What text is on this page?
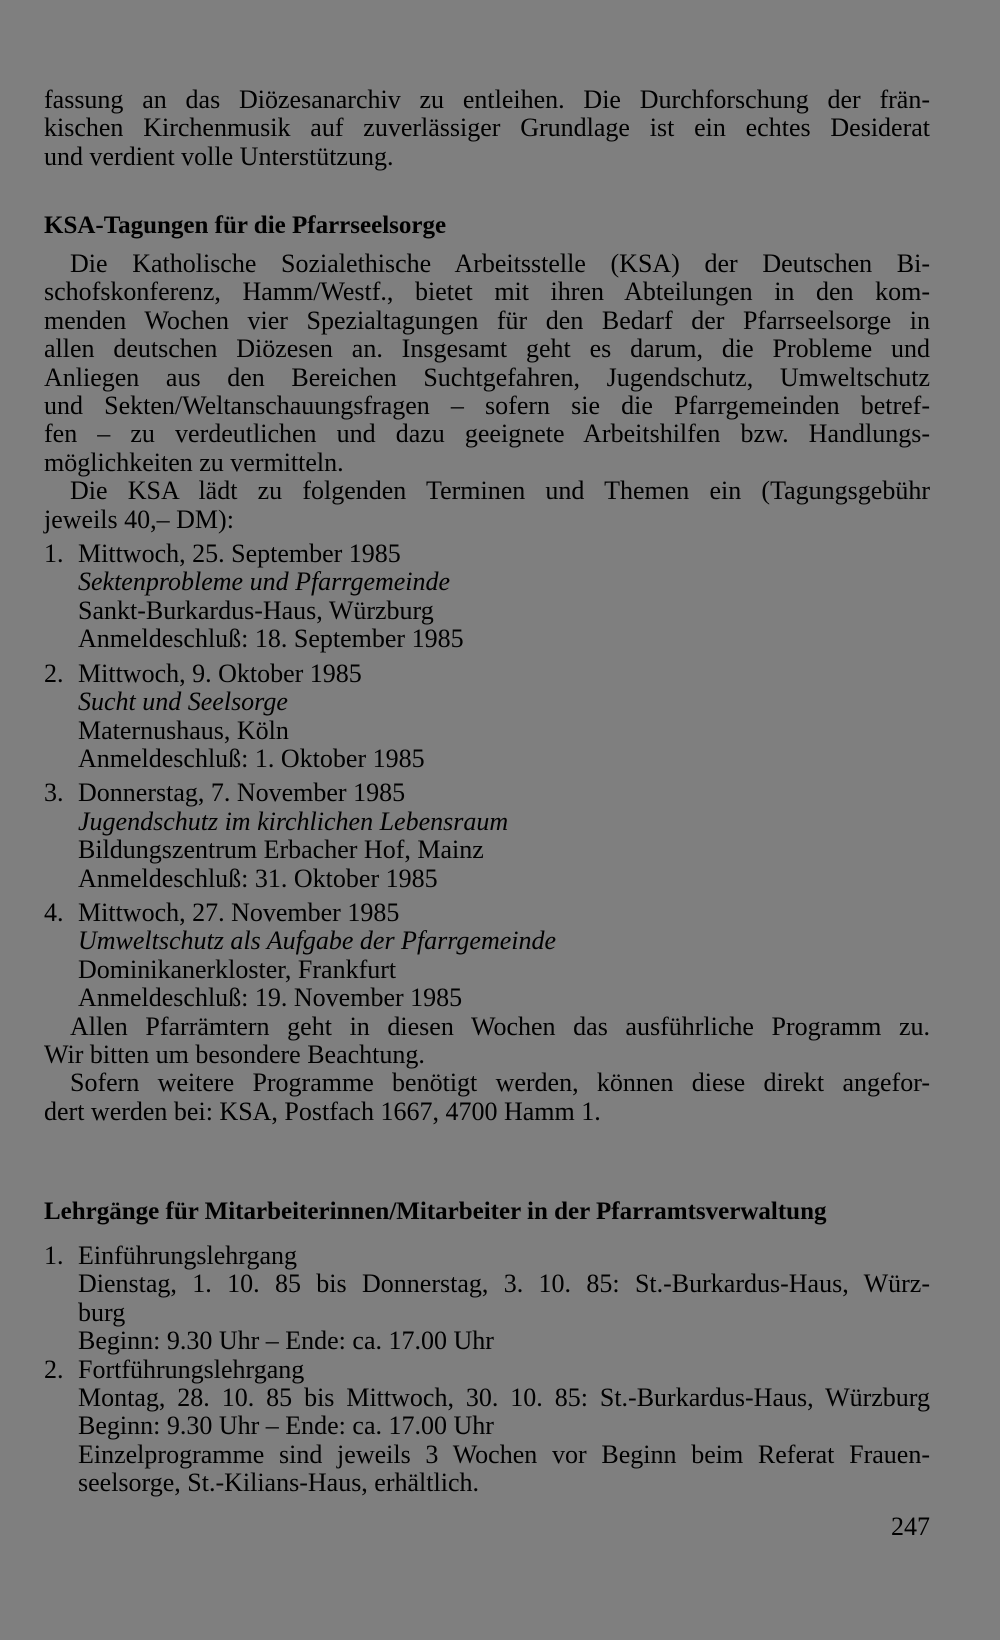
fassung an das Diözesanarchiv zu entleihen. Die Durchforschung der frän-
kischen Kirchenmusik auf zuverlässiger Grundlage ist ein echtes Desiderat
und verdient volle Unterstützung.
KSA-Tagungen für die Pfarrseelsorge
Die Katholische Sozialethische Arbeitsstelle (KSA) der Deutschen Bi-
schofskonferenz, Hamm/Westf., bietet mit ihren Abteilungen in den kom-
menden Wochen vier Spezialtagungen für den Bedarf der Pfarrseelsorge in
allen deutschen Diözesen an. Insgesamt geht es darum, die Probleme und
Anliegen aus den Bereichen Suchtgefahren, Jugendschutz, Umweltschutz
und Sekten/Weltanschauungsfragen – sofern sie die Pfarrgemeinden betref-
fen – zu verdeutlichen und dazu geeignete Arbeitshilfen bzw. Handlungs-
möglichkeiten zu vermitteln.
Die KSA lädt zu folgenden Terminen und Themen ein (Tagungsgebühr
jeweils 40,– DM):
1. Mittwoch, 25. September 1985
Sektenprobleme und Pfarrgemeinde
Sankt-Burkardus-Haus, Würzburg
Anmeldeschluß: 18. September 1985
2. Mittwoch, 9. Oktober 1985
Sucht und Seelsorge
Maternushaus, Köln
Anmeldeschluß: 1. Oktober 1985
3. Donnerstag, 7. November 1985
Jugendschutz im kirchlichen Lebensraum
Bildungszentrum Erbacher Hof, Mainz
Anmeldeschluß: 31. Oktober 1985
4. Mittwoch, 27. November 1985
Umweltschutz als Aufgabe der Pfarrgemeinde
Dominikanerkloster, Frankfurt
Anmeldeschluß: 19. November 1985
Allen Pfarrämtern geht in diesen Wochen das ausführliche Programm zu.
Wir bitten um besondere Beachtung.
Sofern weitere Programme benötigt werden, können diese direkt angefor-
dert werden bei: KSA, Postfach 1667, 4700 Hamm 1.
Lehrgänge für Mitarbeiterinnen/Mitarbeiter in der Pfarramtsverwaltung
1. Einführungslehrgang
Dienstag, 1. 10. 85 bis Donnerstag, 3. 10. 85: St.-Burkardus-Haus, Würz-
burg
Beginn: 9.30 Uhr – Ende: ca. 17.00 Uhr
2. Fortführungslehrgang
Montag, 28. 10. 85 bis Mittwoch, 30. 10. 85: St.-Burkardus-Haus, Würzburg
Beginn: 9.30 Uhr – Ende: ca. 17.00 Uhr
Einzelprogramme sind jeweils 3 Wochen vor Beginn beim Referat Frauen-
seelsorge, St.-Kilians-Haus, erhältlich.
247
